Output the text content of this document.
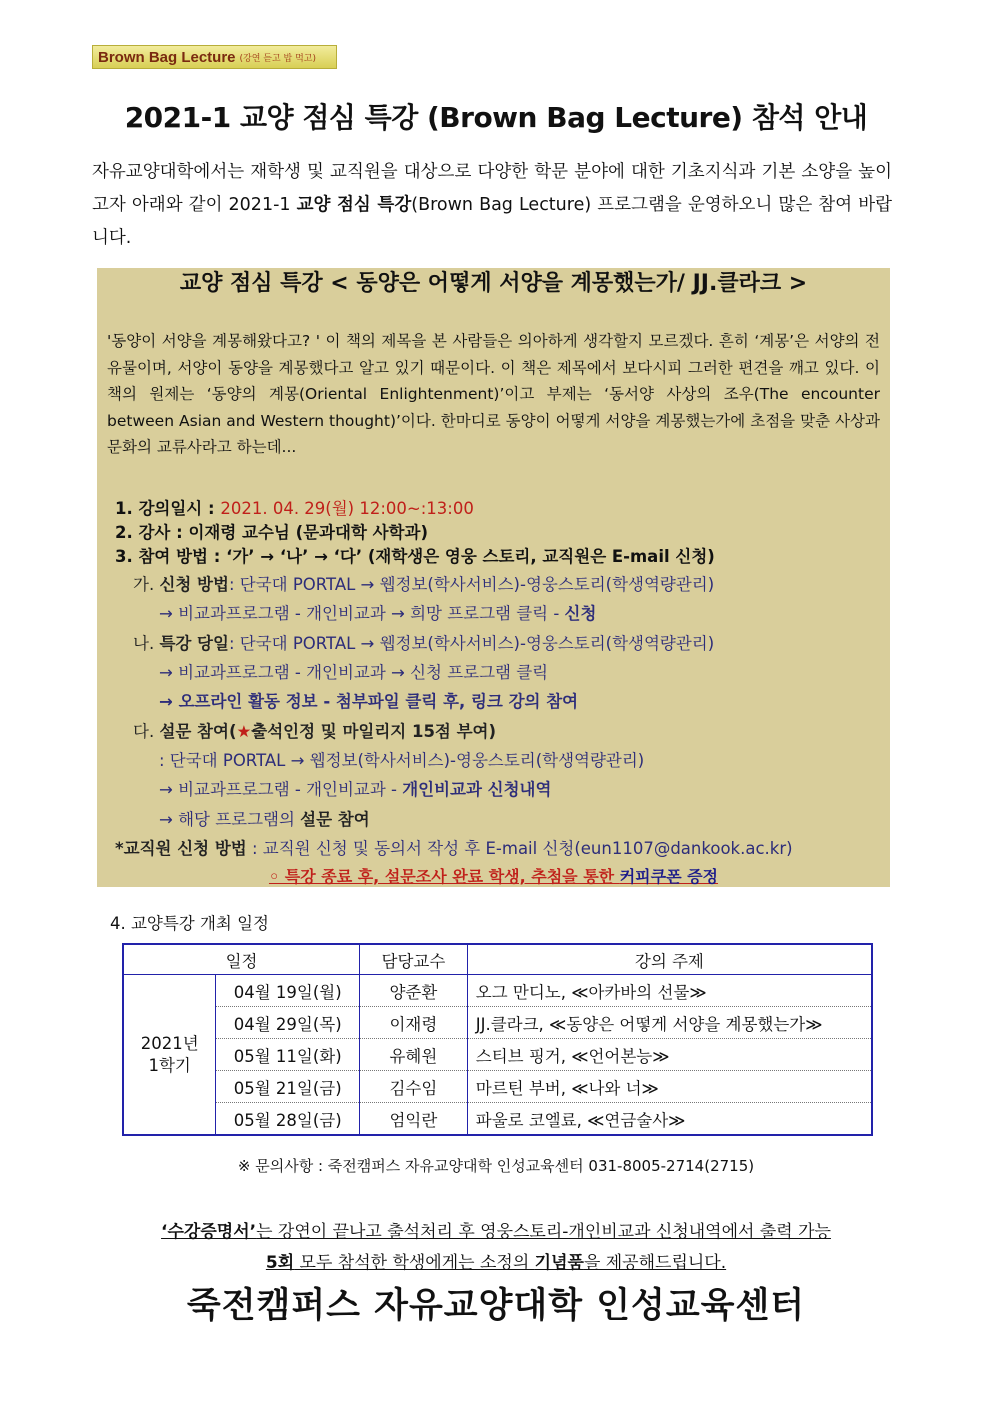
Brown Bag Lecture (강연 듣고 밥 먹고)
2021-1 교양 점심 특강 (Brown Bag Lecture) 참석 안내
자유교양대학에서는 재학생 및 교직원을 대상으로 다양한 학문 분야에 대한 기초지식과 기본 소양을 높이고자 아래와 같이 2021-1 교양 점심 특강(Brown Bag Lecture) 프로그램을 운영하오니 많은 참여 바랍니다.
교양 점심 특강 < 동양은 어떻게 서양을 계몽했는가/ JJ.클라크 >
'동양이 서양을 계몽해왔다고? ' 이 책의 제목을 본 사람들은 의아하게 생각할지 모르겠다. 흔히 ‘계몽’은 서양의 전유물이며, 서양이 동양을 계몽했다고 알고 있기 때문이다. 이 책은 제목에서 보다시피 그러한 편견을 깨고 있다. 이 책의 원제는 ‘동양의 계몽(Oriental Enlightenment)’이고 부제는 ‘동서양 사상의 조우(The encounter between Asian and Western thought)’이다. 한마디로 동양이 어떻게 서양을 계몽했는가에 초점을 맞춘 사상과 문화의 교류사라고 하는데...
1. 강의일시 : 2021. 04. 29(월) 12:00~:13:00
2. 강사 : 이재령 교수님 (문과대학 사학과)
3. 참여 방법 : ‘가’ → ‘나’ → ‘다’ (재학생은 영웅 스토리, 교직원은 E-mail 신청)
가. 신청 방법: 단국대 PORTAL → 웹정보(학사서비스)-영웅스토리(학생역량관리)
→ 비교과프로그램 - 개인비교과 → 희망 프로그램 클릭 - 신청
나. 특강 당일: 단국대 PORTAL → 웹정보(학사서비스)-영웅스토리(학생역량관리)
→ 비교과프로그램 - 개인비교과 → 신청 프로그램 클릭
→ 오프라인 활동 정보 - 첨부파일 클릭 후, 링크 강의 참여
다. 설문 참여(★출석인정 및 마일리지 15점 부여)
: 단국대 PORTAL → 웹정보(학사서비스)-영웅스토리(학생역량관리)
→ 비교과프로그램 - 개인비교과 - 개인비교과 신청내역
→ 해당 프로그램의 설문 참여
*교직원 신청 방법 : 교직원 신청 및 동의서 작성 후 E-mail 신청(eun1107@dankook.ac.kr)
◦ 특강 종료 후, 설문조사 완료 학생, 추첨을 통한 커피쿠폰 증정
4. 교양특강 개최 일정
일정		담당교수	강의 주제
2021년
1학기	04월 19일(월)	양준환	오그 만디노, ≪아카바의 선물≫
	04월 29일(목)	이재령	JJ.클라크, ≪동양은 어떻게 서양을 계몽했는가≫
	05월 11일(화)	유혜원	스티브 핑거, ≪언어본능≫
	05월 21일(금)	김수임	마르틴 부버, ≪나와 너≫
	05월 28일(금)	엄익란	파울로 코엘료, ≪연금술사≫
※ 문의사항 : 죽전캠퍼스 자유교양대학 인성교육센터 031-8005-2714(2715)
‘수강증명서’는 강연이 끝나고 출석처리 후 영웅스토리-개인비교과 신청내역에서 출력 가능
5회 모두 참석한 학생에게는 소정의 기념품을 제공해드립니다.
죽전캠퍼스 자유교양대학 인성교육센터
